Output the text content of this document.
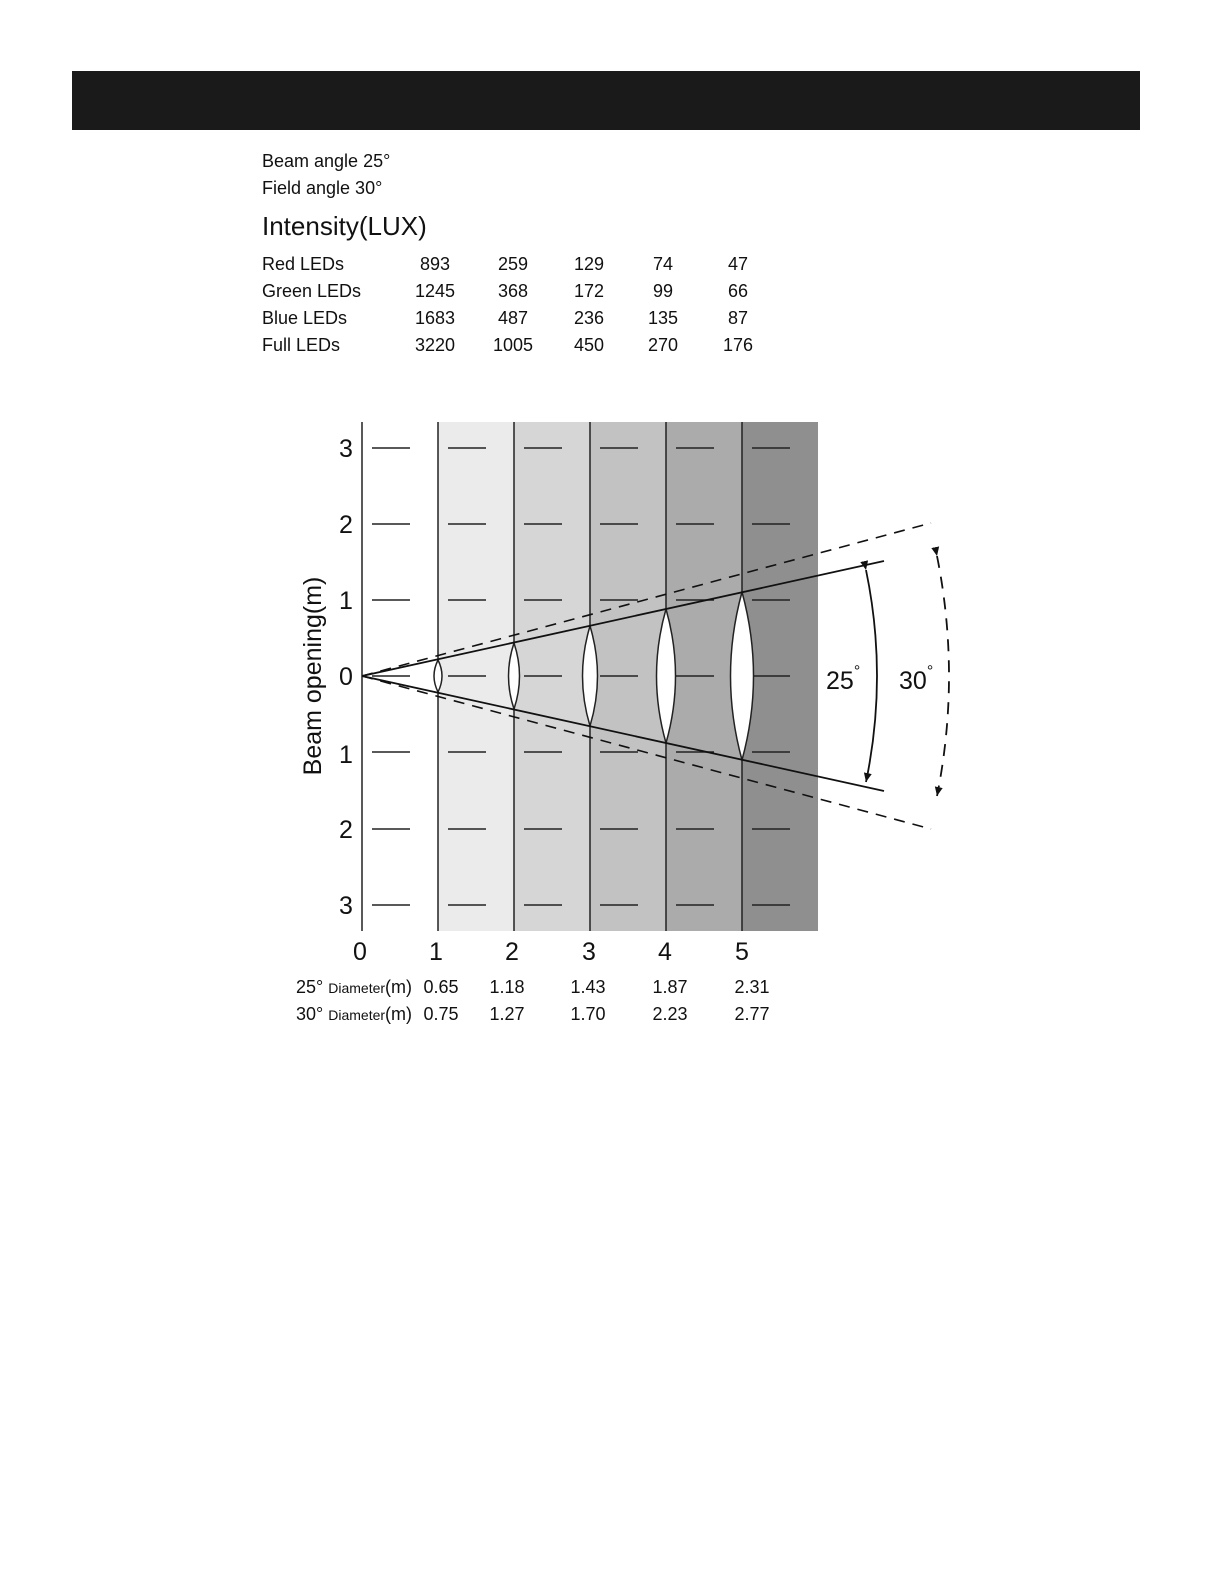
Beam angle 25°
Field angle 30°
Intensity(LUX)
Red LEDs	893	259	129	74	47
Green LEDs	1245	368	172	99	66
Blue LEDs	1683	487	236	135	87
Full LEDs	3220	1005	450	270	176
25° 30°
3
2
1
0
1
2
3
Beam opening(m)
0 1 2	3 4	5
25° Diameter(m) 0.65 1.18	1.43	1.87	2.31
30° Diameter(m) 0.75 1.27	1.70	2.23	2.77
